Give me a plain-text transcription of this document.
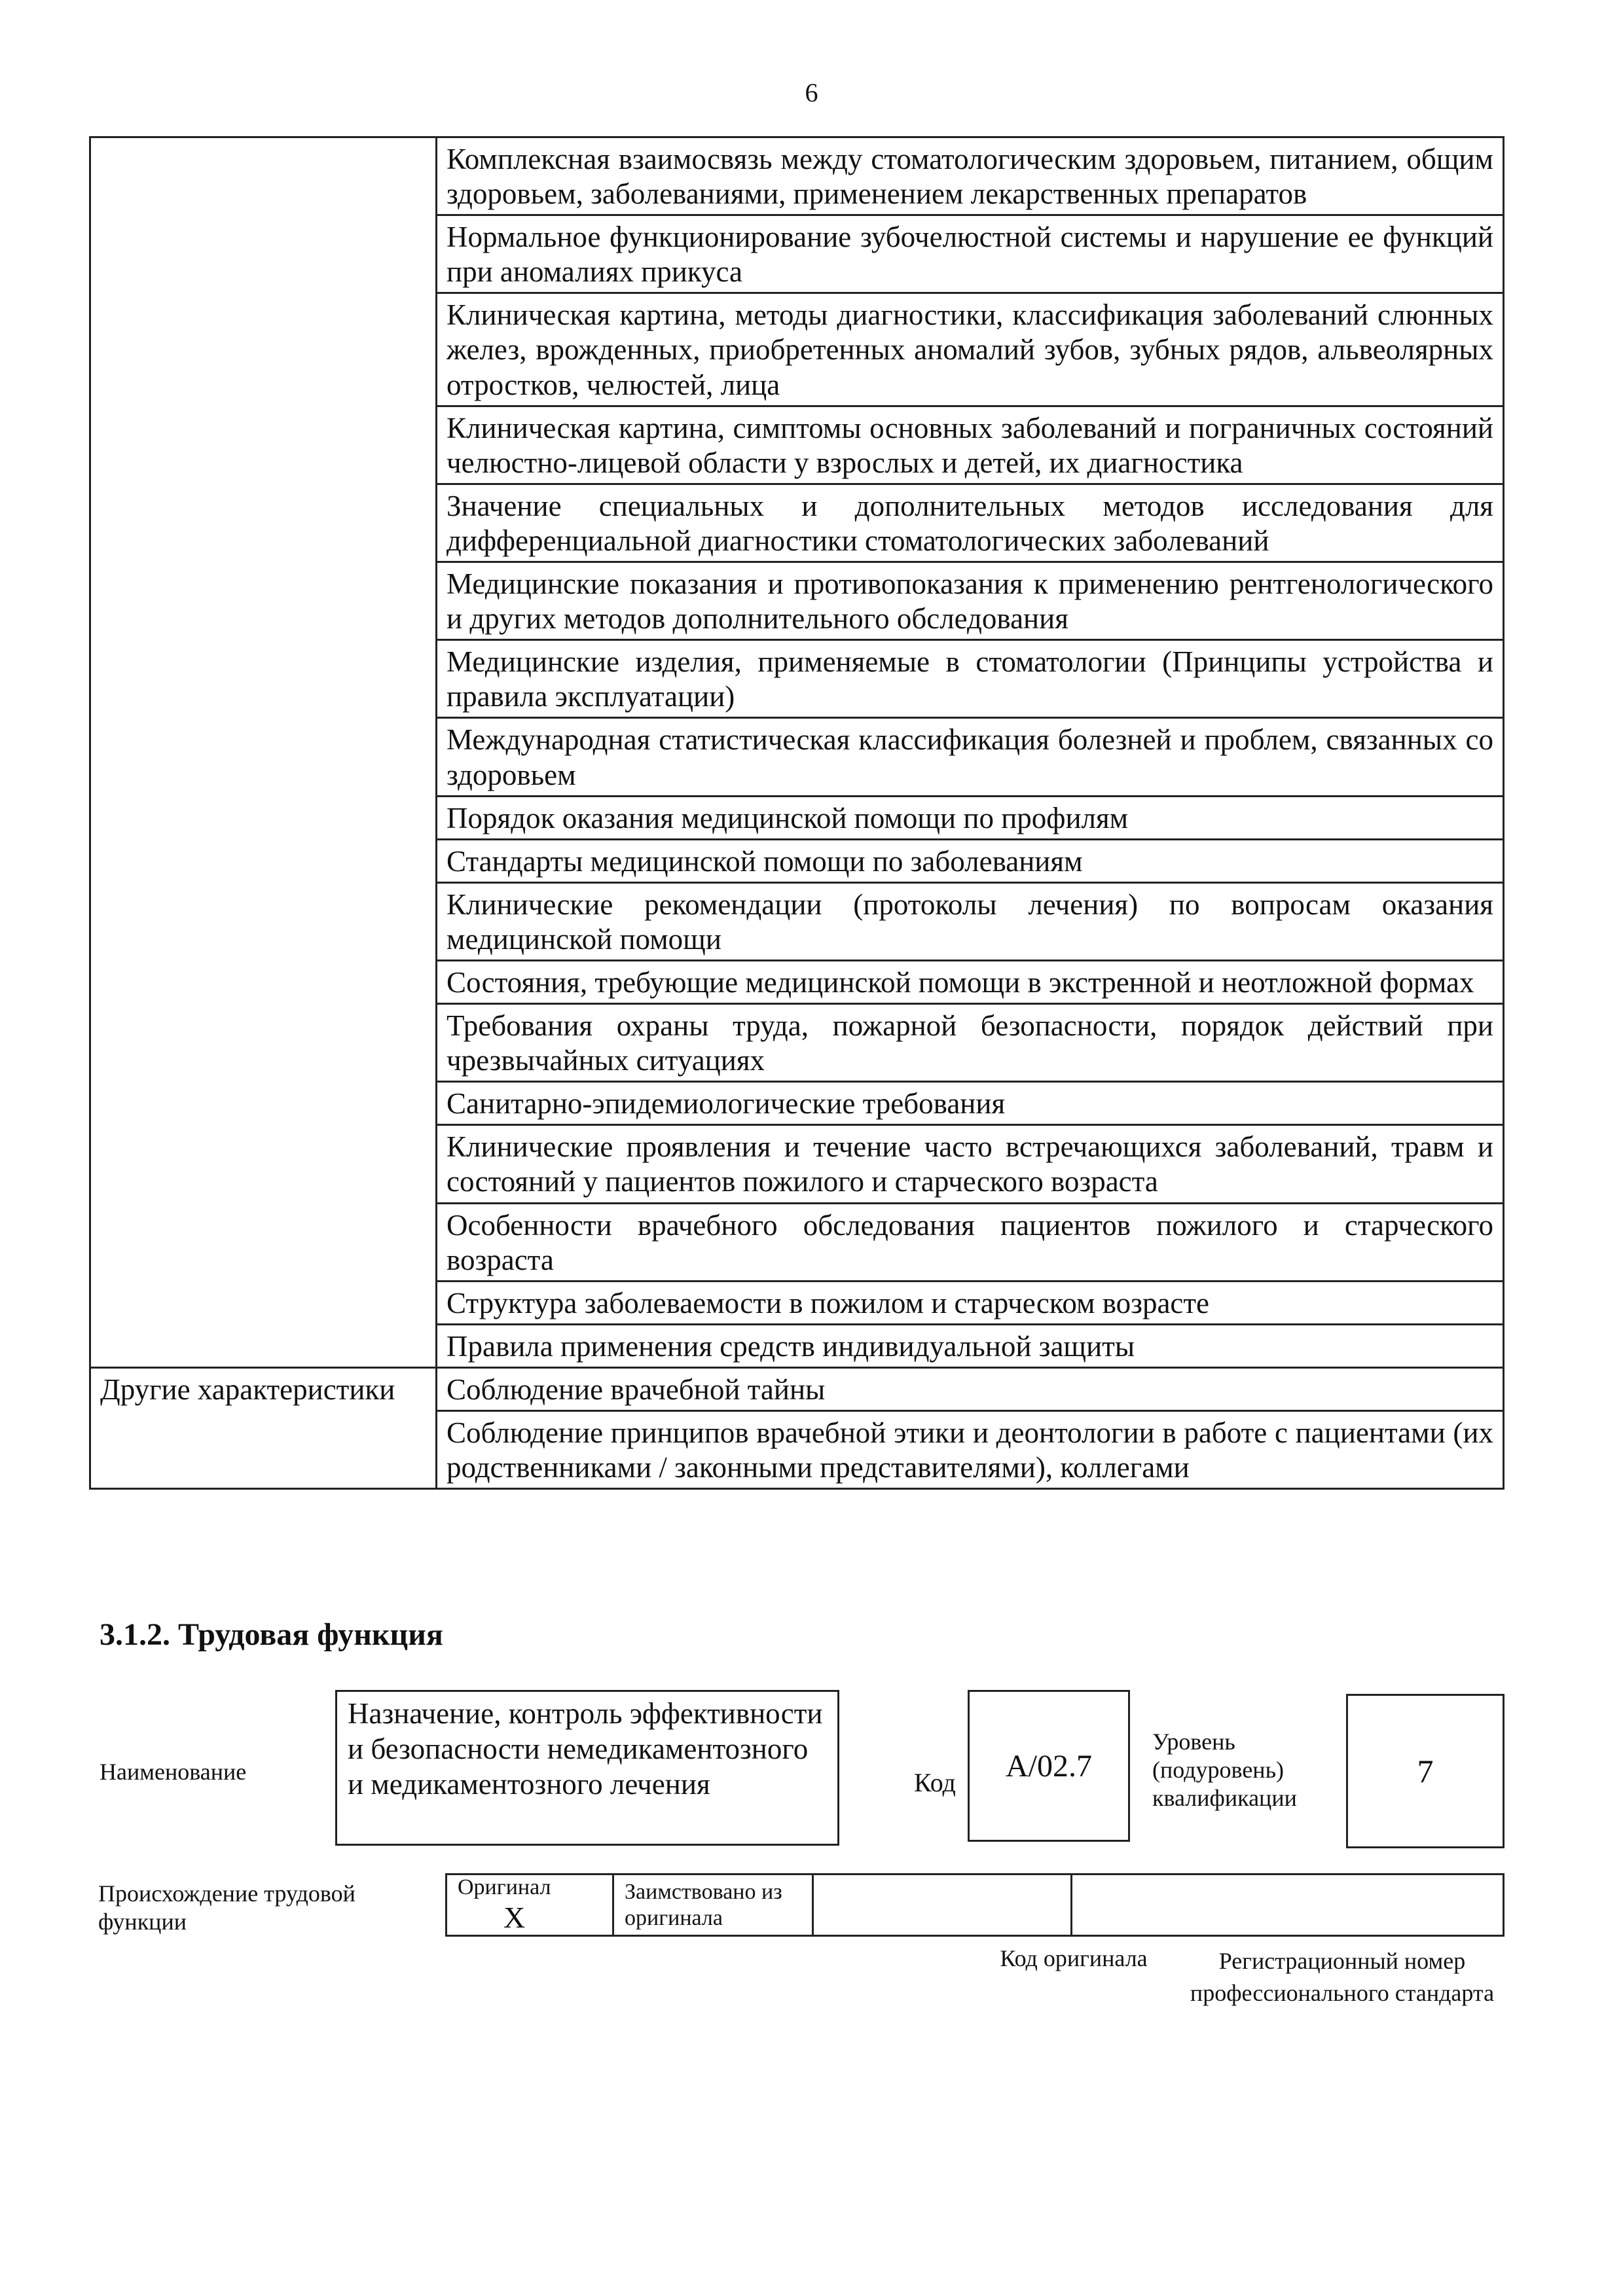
6
	Комплексная взаимосвязь между стоматологическим здоровьем, питанием, общим здоровьем, заболеваниями, применением лекарственных препаратов
	Нормальное функционирование зубочелюстной системы и нарушение ее функций при аномалиях прикуса
	Клиническая картина, методы диагностики, классификация заболеваний слюнных желез, врожденных, приобретенных аномалий зубов, зубных рядов, альвеолярных отростков, челюстей, лица
	Клиническая картина, симптомы основных заболеваний и пограничных состояний челюстно-лицевой области у взрослых и детей, их диагностика
	Значение специальных и дополнительных методов исследования для дифференциальной диагностики стоматологических заболеваний
	Медицинские показания и противопоказания к применению рентгенологического и других методов дополнительного обследования
	Медицинские изделия, применяемые в стоматологии (Принципы устройства и правила эксплуатации)
	Международная статистическая классификация болезней и проблем, связанных со здоровьем
	Порядок оказания медицинской помощи по профилям
	Стандарты медицинской помощи по заболеваниям
	Клинические рекомендации (протоколы лечения) по вопросам оказания медицинской помощи
	Состояния, требующие медицинской помощи в экстренной и неотложной формах
	Требования охраны труда, пожарной безопасности, порядок действий при чрезвычайных ситуациях
	Санитарно-эпидемиологические требования
	Клинические проявления и течение часто встречающихся заболеваний, травм и состояний у пациентов пожилого и старческого возраста
	Особенности врачебного обследования пациентов пожилого и старческого возраста
	Структура заболеваемости в пожилом и старческом возрасте
	Правила применения средств индивидуальной защиты
Другие характеристики	Соблюдение врачебной тайны
	Соблюдение принципов врачебной этики и деонтологии в работе с пациентами (их родственниками / законными представителями), коллегами
3.1.2. Трудовая функция
Наименование
Назначение, контроль эффективности и безопасности немедикаментозного и медикаментозного лечения	Код А/02.7
Уровень (подуровень) квалификации
7
Происхождение трудовой функции
Оригинал Х	Заимствовано из оригинала		
Код оригинала	Регистрационный номер профессионального стандарта
